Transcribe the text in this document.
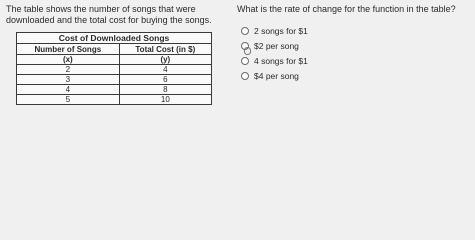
The table shows the number of songs that were downloaded and the total cost for buying the songs.

Cost of Downloaded Songs	
Number of Songs	Total Cost (in $)
(x)	(y)
2	4
3	6
4	8
5	10

What is the rate of change for the function in the table?

2 songs for $1
$2 per song
4 songs for $1
$4 per song
